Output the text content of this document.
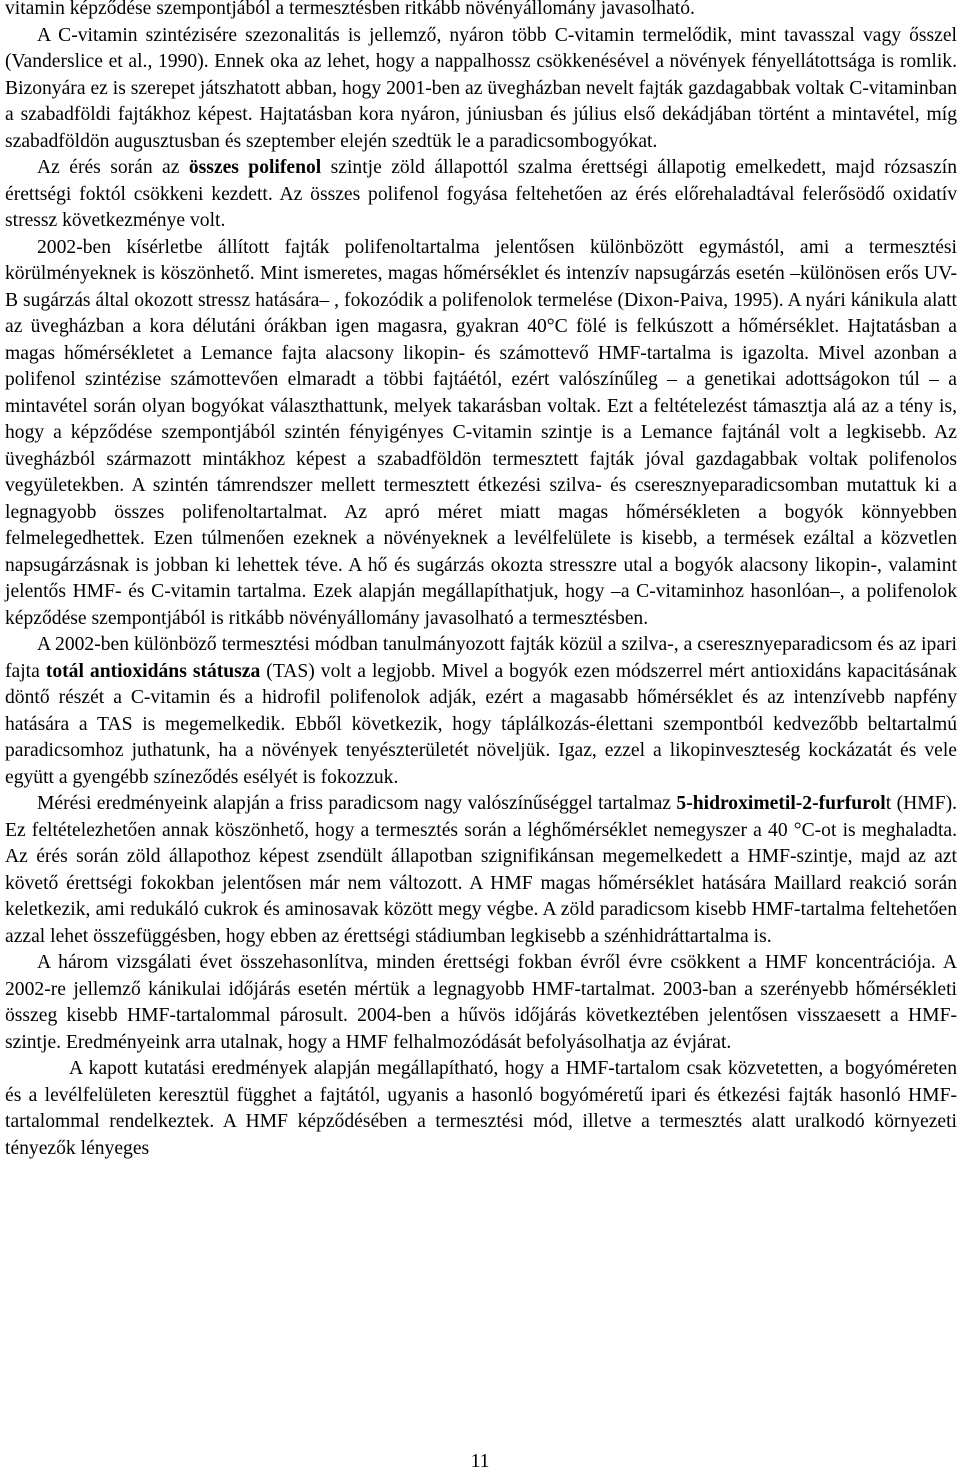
vitamin képződése szempontjából a termesztésben ritkább növényállomány javasolható.

A C-vitamin szintézisére szezonalitás is jellemző, nyáron több C-vitamin termelődik, mint tavasszal vagy ősszel (Vanderslice et al., 1990). Ennek oka az lehet, hogy a nappalhossz csökkenésével a növények fényellátottsága is romlik. Bizonyára ez is szerepet játszhatott abban, hogy 2001-ben az üvegházban nevelt fajták gazdagabbak voltak C-vitaminban a szabadföldi fajtákhoz képest. Hajtatásban kora nyáron, júniusban és július első dekádjában történt a mintavétel, míg szabadföldön augusztusban és szeptember elején szedtük le a paradicsombogyókat.

Az érés során az összes polifenol szintje zöld állapottól szalma érettségi állapotig emelkedett, majd rózsaszín érettségi foktól csökkeni kezdett. Az összes polifenol fogyása feltehetően az érés előrehaladtával felerősödő oxidatív stressz következménye volt.

2002-ben kísérletbe állított fajták polifenoltartalma jelentősen különbözött egymástól, ami a termesztési körülményeknek is köszönhető. Mint ismeretes, magas hőmérséklet és intenzív napsugárzás esetén –különösen erős UV-B sugárzás által okozott stressz hatására– , fokozódik a polifenolok termelése (Dixon-Paiva, 1995). A nyári kánikula alatt az üvegházban a kora délutáni órákban igen magasra, gyakran 40°C fölé is felkúszott a hőmérséklet. Hajtatásban a magas hőmérsékletet a Lemance fajta alacsony likopin- és számottevő HMF-tartalma is igazolta. Mivel azonban a polifenol szintézise számottevően elmaradt a többi fajtáétól, ezért valószínűleg – a genetikai adottságokon túl – a mintavétel során olyan bogyókat választhattunk, melyek takarásban voltak. Ezt a feltételezést támasztja alá az a tény is, hogy a képződése szempontjából szintén fényigényes C-vitamin szintje is a Lemance fajtánál volt a legkisebb. Az üvegházból származott mintákhoz képest a szabadföldön termesztett fajták jóval gazdagabbak voltak polifenolos vegyületekben. A szintén támrendszer mellett termesztett étkezési szilva- és cseresznyeparadicsomban mutattuk ki a legnagyobb összes polifenoltartalmat. Az apró méret miatt magas hőmérsékleten a bogyók könnyebben felmelegedhettek. Ezen túlmenően ezeknek a növényeknek a levélfelülete is kisebb, a termések ezáltal a közvetlen napsugárzásnak is jobban ki lehettek téve. A hő és sugárzás okozta stresszre utal a bogyók alacsony likopin-, valamint jelentős HMF- és C-vitamin tartalma. Ezek alapján megállapíthatjuk, hogy –a C-vitaminhoz hasonlóan–, a polifenolok képződése szempontjából is ritkább növényállomány javasolható a termesztésben.

A 2002-ben különböző termesztési módban tanulmányozott fajták közül a szilva-, a cseresznyeparadicsom és az ipari fajta totál antioxidáns státusza (TAS) volt a legjobb. Mivel a bogyók ezen módszerrel mért antioxidáns kapacitásának döntő részét a C-vitamin és a hidrofil polifenolok adják, ezért a magasabb hőmérséklet és az intenzívebb napfény hatására a TAS is megemelkedik. Ebből következik, hogy táplálkozás-élettani szempontból kedvezőbb beltartalmú paradicsomhoz juthatunk, ha a növények tenyészterületét növeljük. Igaz, ezzel a likopinveszteség kockázatát és vele együtt a gyengébb színeződés esélyét is fokozzuk.

Mérési eredményeink alapján a friss paradicsom nagy valószínűséggel tartalmaz 5-hidroximetil-2-furfurolt (HMF). Ez feltételezhetően annak köszönhető, hogy a termesztés során a léghőmérséklet nemegyszer a 40 °C-ot is meghaladta. Az érés során zöld állapothoz képest zsendült állapotban szignifikánsan megemelkedett a HMF-szintje, majd az azt követő érettségi fokokban jelentősen már nem változott. A HMF magas hőmérséklet hatására Maillard reakció során keletkezik, ami redukáló cukrok és aminosavak között megy végbe. A zöld paradicsom kisebb HMF-tartalma feltehetően azzal lehet összefüggésben, hogy ebben az érettségi stádiumban legkisebb a szénhidráttartalma is.

A három vizsgálati évet összehasonlítva, minden érettségi fokban évről évre csökkent a HMF koncentrációja. A 2002-re jellemző kánikulai időjárás esetén mértük a legnagyobb HMF-tartalmat. 2003-ban a szerényebb hőmérsékleti összeg kisebb HMF-tartalommal párosult. 2004-ben a hűvös időjárás következtében jelentősen visszaesett a HMF-szintje. Eredményeink arra utalnak, hogy a HMF felhalmozódását befolyásolhatja az évjárat.

A kapott kutatási eredmények alapján megállapítható, hogy a HMF-tartalom csak közvetetten, a bogyóméreten és a levélfelületen keresztül függhet a fajtától, ugyanis a hasonló bogyóméretű ipari és étkezési fajták hasonló HMF-tartalommal rendelkeztek. A HMF képződésében a termesztési mód, illetve a termesztés alatt uralkodó környezeti tényezők lényeges

11
